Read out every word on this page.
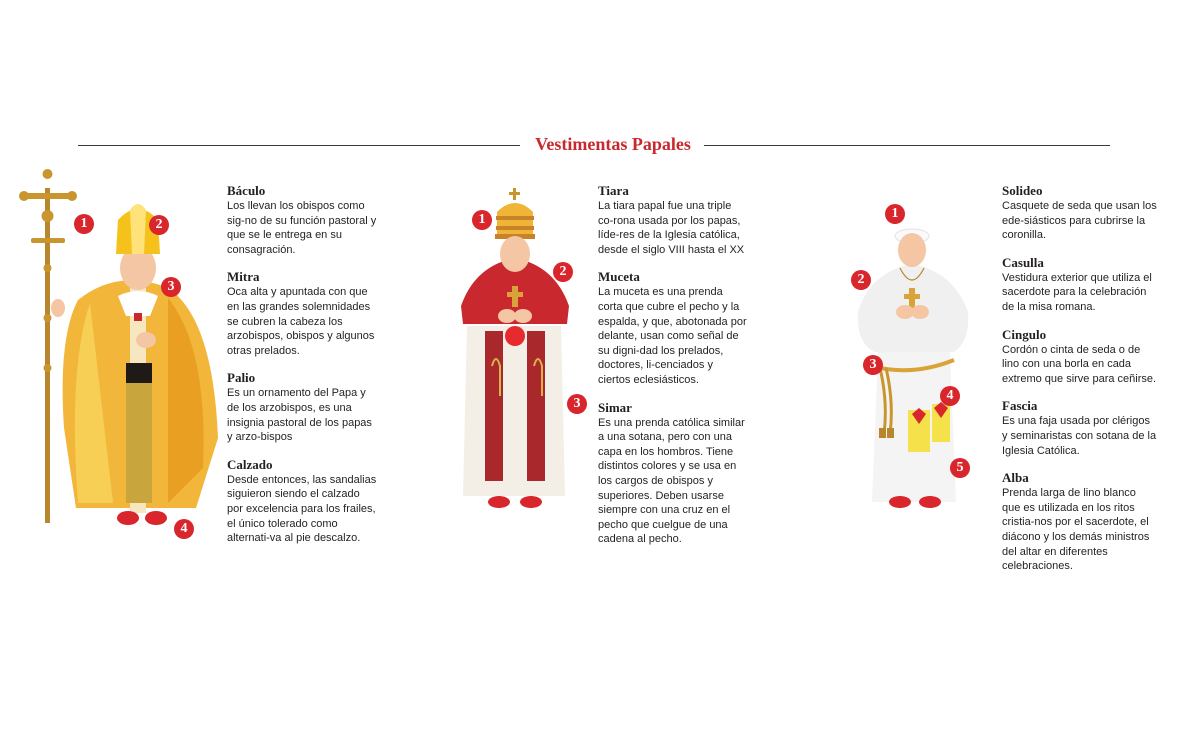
Vestimentas Papales
1	2
3
4
Báculo

Los llevan los obispos como sig-no de su función pastoral y que se le entrega en su consagración.

Mitra

Oca alta y apuntada con que en las grandes solemnidades se cubren la cabeza los arzobispos, obispos y algunos otras prelados.

Palio

Es un ornamento del Papa y de los arzobispos, es una insignia pastoral de los papas y arzo-bispos

Calzado

Desde entonces, las sandalias siguieron siendo el calzado por excelencia para los frailes, el único tolerado como alternati-va al pie descalzo.

1
2
3
Tiara

La tiara papal fue una triple co-rona usada por los papas, líde-res de la Iglesia católica, desde el siglo VIII hasta el XX

Muceta

La muceta es una prenda corta que cubre el pecho y la espalda, y que, abotonada por delante, usan como señal de su digni-dad los prelados, doctores, li-cenciados y ciertos eclesiásticos.

Simar

Es una prenda católica similar a una sotana, pero con una capa en los hombros. Tiene distintos colores y se usa en los cargos de obispos y superiores. Deben usarse siempre con una cruz en el pecho que cuelgue de una cadena al pecho.

1
2
3
4
5
Solideo

Casquete de seda que usan los ede-siásticos para cubrirse la coronilla.

Casulla

Vestidura exterior que utiliza el sacerdote para la celebración de la misa romana.

Cingulo

Cordón o cinta de seda o de lino con una borla en cada extremo que sirve para ceñirse.

Fascia

Es una faja usada por clérigos y seminaristas con sotana de la Iglesia Católica.

Alba

Prenda larga de lino blanco que es utilizada en los ritos cristia-nos por el sacerdote, el diácono y los demás ministros del altar en diferentes celebraciones.
